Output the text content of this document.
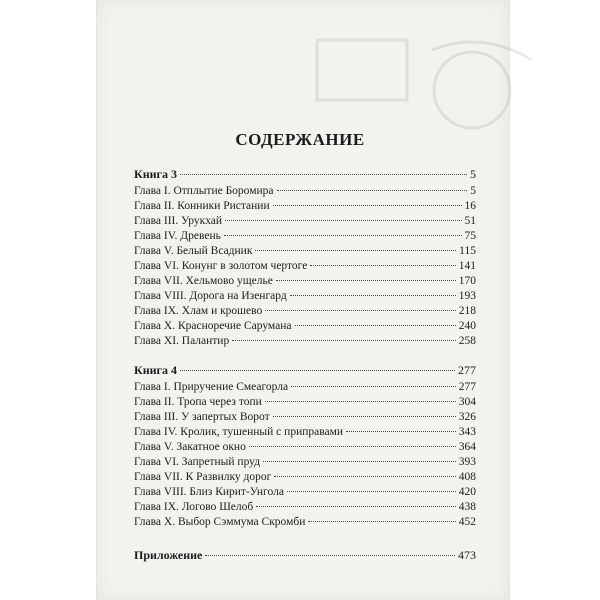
СОДЕРЖАНИЕ
Книга 3	5
Глава I. Отплытие Боромира	5
Глава II. Конники Ристании	16
Глава III. Урукхай	51
Глава IV. Древень	75
Глава V. Белый Всадник	115
Глава VI. Конунг в золотом чертоге	141
Глава VII. Хельмово ущелье	170
Глава VIII. Дорога на Изенгард	193
Глава IX. Хлам и крошево	218
Глава X. Красноречие Сарумана	240
Глава XI. Палантир	258
Книга 4	277
Глава I. Приручение Смеагорла	277
Глава II. Тропа через топи	304
Глава III. У запертых Ворот	326
Глава IV. Кролик, тушенный с приправами	343
Глава V. Закатное окно	364
Глава VI. Запретный пруд	393
Глава VII. К Развилку дорог	408
Глава VIII. Близ Кирит-Унгола	420
Глава IX. Логово Шелоб	438
Глава X. Выбор Сэммума Скромби	452
Приложение	473
